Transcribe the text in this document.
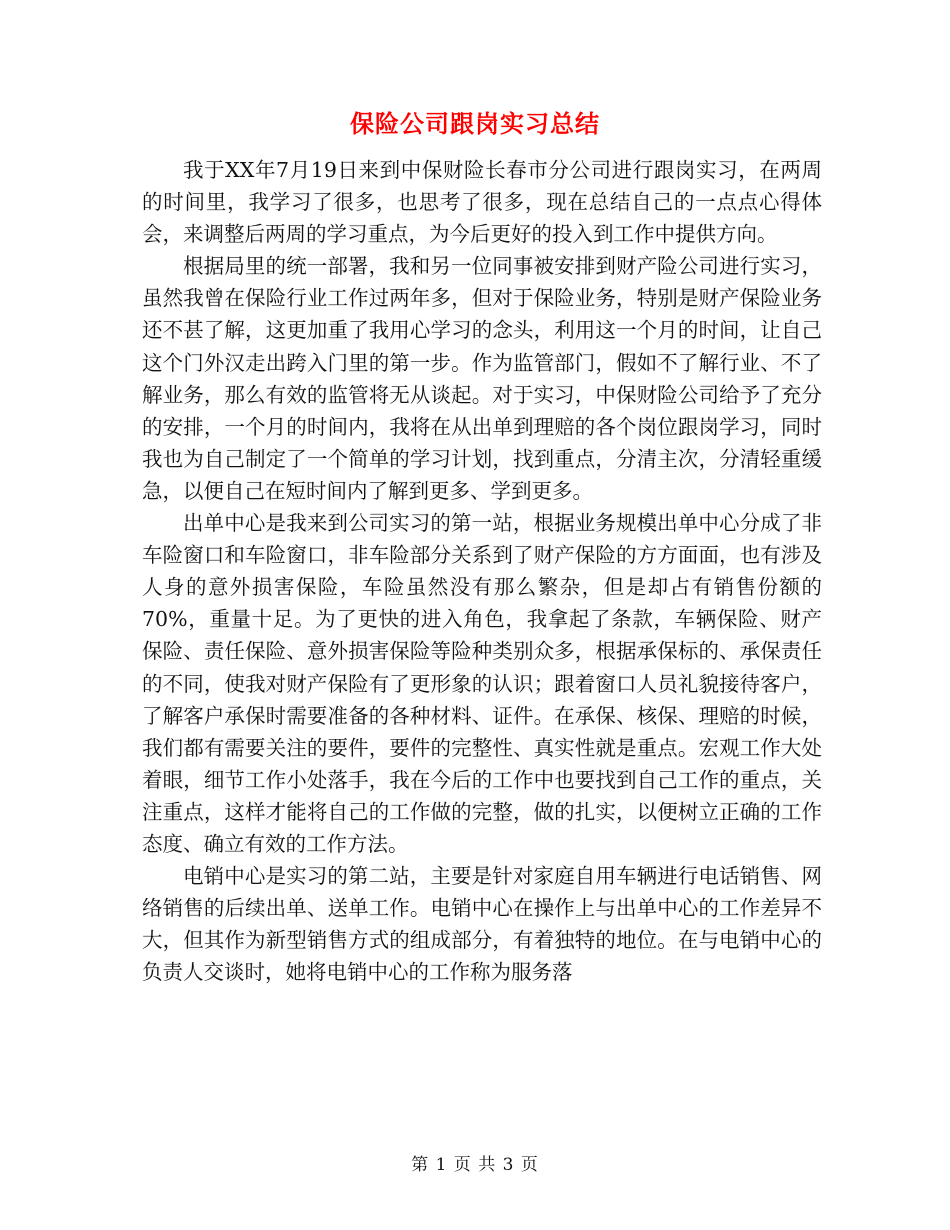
保险公司跟岗实习总结

我于XX年7月19日来到中保财险长春市分公司进行跟岗实习，在两周的时间里，我学习了很多，也思考了很多，现在总结自己的一点点心得体会，来调整后两周的学习重点，为今后更好的投入到工作中提供方向。

根据局里的统一部署，我和另一位同事被安排到财产险公司进行实习，虽然我曾在保险行业工作过两年多，但对于保险业务，特别是财产保险业务还不甚了解，这更加重了我用心学习的念头，利用这一个月的时间，让自己这个门外汉走出跨入门里的第一步。作为监管部门，假如不了解行业、不了解业务，那么有效的监管将无从谈起。对于实习，中保财险公司给予了充分的安排，一个月的时间内，我将在从出单到理赔的各个岗位跟岗学习，同时我也为自己制定了一个简单的学习计划，找到重点，分清主次，分清轻重缓急，以便自己在短时间内了解到更多、学到更多。

出单中心是我来到公司实习的第一站，根据业务规模出单中心分成了非车险窗口和车险窗口，非车险部分关系到了财产保险的方方面面，也有涉及人身的意外损害保险，车险虽然没有那么繁杂，但是却占有销售份额的70%，重量十足。为了更快的进入角色，我拿起了条款，车辆保险、财产保险、责任保险、意外损害保险等险种类别众多，根据承保标的、承保责任的不同，使我对财产保险有了更形象的认识；跟着窗口人员礼貌接待客户，了解客户承保时需要准备的各种材料、证件。在承保、核保、理赔的时候，我们都有需要关注的要件，要件的完整性、真实性就是重点。宏观工作大处着眼，细节工作小处落手，我在今后的工作中也要找到自己工作的重点，关注重点，这样才能将自己的工作做的完整，做的扎实，以便树立正确的工作态度、确立有效的工作方法。

电销中心是实习的第二站，主要是针对家庭自用车辆进行电话销售、网络销售的后续出单、送单工作。电销中心在操作上与出单中心的工作差异不大，但其作为新型销售方式的组成部分，有着独特的地位。在与电销中心的负责人交谈时，她将电销中心的工作称为服务落

第 1 页 共 3 页
